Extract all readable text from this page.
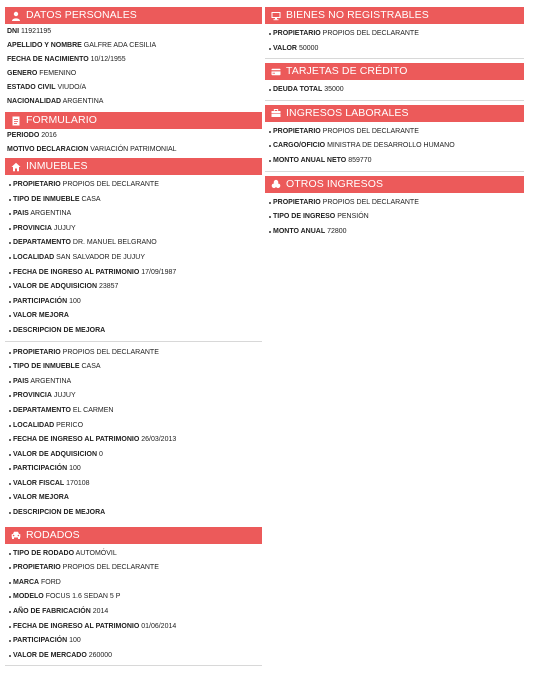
DATOS PERSONALES
DNI 11921195
APELLIDO Y NOMBRE GALFRE ADA CESILIA
FECHA DE NACIMIENTO 10/12/1955
GENERO FEMENINO
ESTADO CIVIL VIUDO/A
NACIONALIDAD ARGENTINA
FORMULARIO
PERIODO 2016
MOTIVO DECLARACION VARIACIÓN PATRIMONIAL
INMUEBLES
PROPIETARIO PROPIOS DEL DECLARANTE
TIPO DE INMUEBLE CASA
PAIS ARGENTINA
PROVINCIA JUJUY
DEPARTAMENTO DR. MANUEL BELGRANO
LOCALIDAD SAN SALVADOR DE JUJUY
FECHA DE INGRESO AL PATRIMONIO 17/09/1987
VALOR DE ADQUISICION 23857
PARTICIPACIÓN 100
VALOR MEJORA
DESCRIPCION DE MEJORA
PROPIETARIO PROPIOS DEL DECLARANTE
TIPO DE INMUEBLE CASA
PAIS ARGENTINA
PROVINCIA JUJUY
DEPARTAMENTO EL CARMEN
LOCALIDAD PERICO
FECHA DE INGRESO AL PATRIMONIO 26/03/2013
VALOR DE ADQUISICION 0
PARTICIPACIÓN 100
VALOR FISCAL 170108
VALOR MEJORA
DESCRIPCION DE MEJORA
RODADOS
TIPO DE RODADO AUTOMÓVIL
PROPIETARIO PROPIOS DEL DECLARANTE
MARCA FORD
MODELO FOCUS 1.6 SEDAN 5 P
AÑO DE FABRICACIÓN 2014
FECHA DE INGRESO AL PATRIMONIO 01/06/2014
PARTICIPACIÓN 100
VALOR DE MERCADO 260000
BIENES NO REGISTRABLES
PROPIETARIO PROPIOS DEL DECLARANTE
VALOR 50000
TARJETAS DE CRÉDITO
DEUDA TOTAL 35000
INGRESOS LABORALES
PROPIETARIO PROPIOS DEL DECLARANTE
CARGO/OFICIO MINISTRA DE DESARROLLO HUMANO
MONTO ANUAL NETO 859770
OTROS INGRESOS
PROPIETARIO PROPIOS DEL DECLARANTE
TIPO DE INGRESO PENSIÓN
MONTO ANUAL 72800
